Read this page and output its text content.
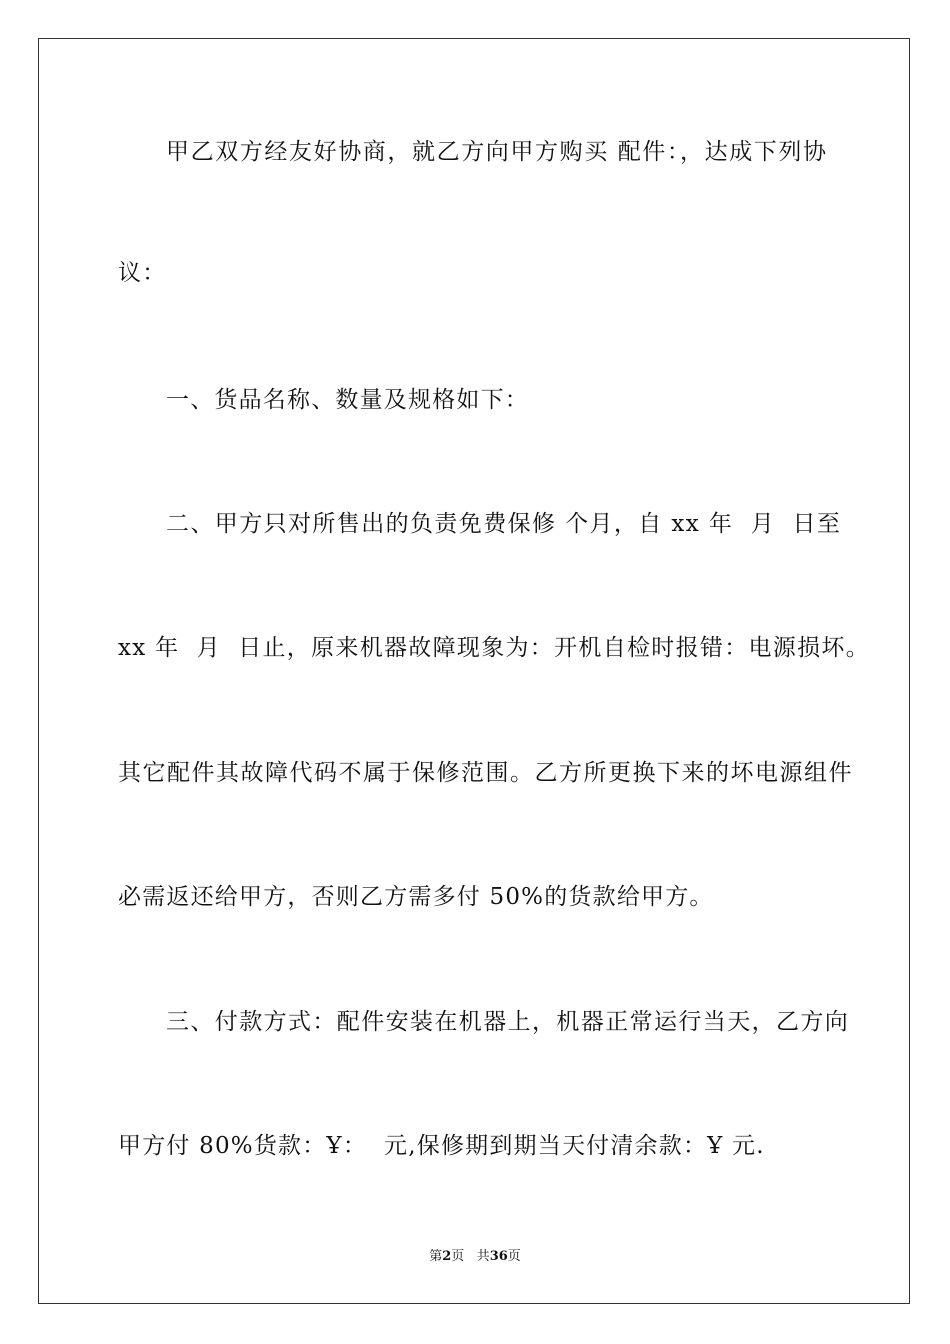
甲乙双方经友好协商，就乙方向甲方购买 配件：，达成下列协
议：
一、货品名称、数量及规格如下：
二、甲方只对所售出的负责免费保修 个月，自 xx 年  月  日至
xx 年  月  日止，原来机器故障现象为：开机自检时报错：电源损坏。
其它配件其故障代码不属于保修范围。乙方所更换下来的坏电源组件
必需返还给甲方，否则乙方需多付 50%的货款给甲方。
三、付款方式：配件安装在机器上，机器正常运行当天，乙方向
甲方付 80%货款：Ұ：  元,保修期到期当天付清余款：Ұ 元.
第2页 共36页
